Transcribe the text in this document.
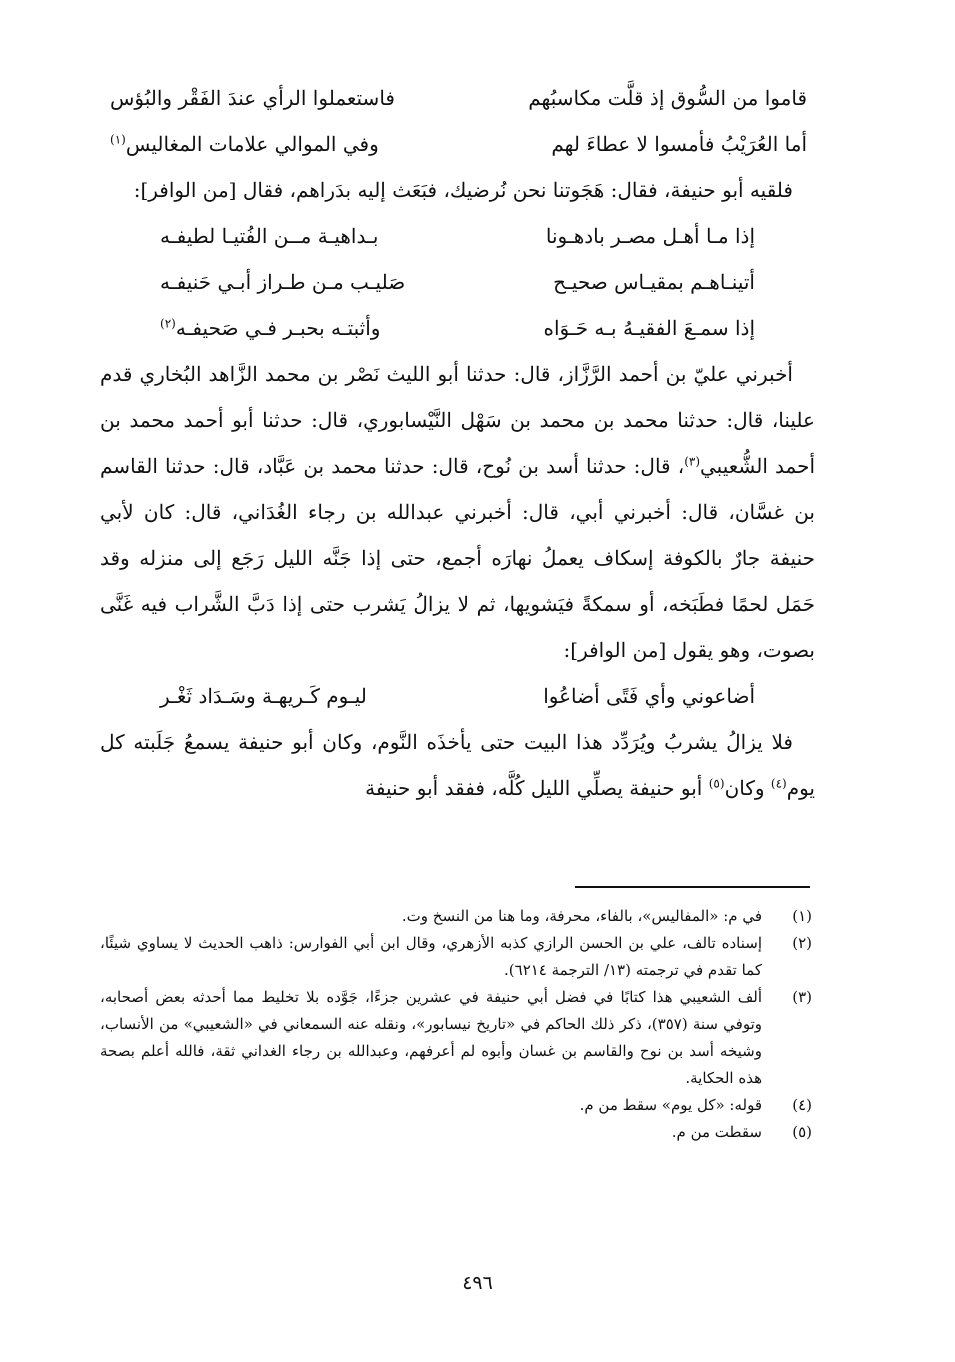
قاموا من السُّوق إذ قلَّت مكاسبُهم
فاستعملوا الرأي عندَ الفَقْر والبُؤس
أما العُرَيْبُ فأمسوا لا عطاءَ لهم
وفي الموالي علامات المغاليس$^{(١)}$

فلقيه أبو حنيفة، فقال: هَجَوتنا نحن نُرضيك، فبَعَث إليه بدَراهم، فقال [من الوافر]:

إذا مـا أهـل مصـر بادهـونا
بـداهيـة مــن الفُتيـا لطيفـه
أتينـاهـم بمقيـاس صحيـح
صَليـب مـن طـراز أبـي حَنيفـه
إذا سمـعَ الفقيـهُ بـه حَـوَاه
وأثبتـه بحبـر فـي صَحيفـه$^{(٢)}$

أخبرني عليّ بن أحمد الرَّزَّاز، قال: حدثنا أبو الليث نَصْر بن محمد الزَّاهد البُخاري قدم علينا، قال: حدثنا محمد بن محمد بن سَهْل النَّيْسابوري، قال: حدثنا أبو أحمد محمد بن أحمد الشُّعيبي$^{(٣)}$، قال: حدثنا أسد بن نُوح، قال: حدثنا محمد بن عَبَّاد، قال: حدثنا القاسم بن غسَّان، قال: أخبرني أبي، قال: أخبرني عبدالله بن رجاء الغُدَاني، قال: كان لأبي حنيفة جارٌ بالكوفة إسكاف يعملُ نهارَه أجمع، حتى إذا جَنَّه الليل رَجَع إلى منزله وقد حَمَل لحمًا فطَبَخه، أو سمكةً فيَشويها، ثم لا يزالُ يَشرب حتى إذا دَبَّ الشَّراب فيه غَنَّى بصوت، وهو يقول [من الوافر]:

أضاعوني وأي فَتًى أضاعُوا
ليـوم كَـريهـة وسَـدَاد ثَغْـر

فلا يزالُ يشربُ ويُرَدِّد هذا البيت حتى يأخذَه النَّوم، وكان أبو حنيفة يسمعُ جَلَبته كل يوم$^{(٤)}$ وكان$^{(٥)}$ أبو حنيفة يصلِّي الليل كُلَّه، ففقد أبو حنيفة

(١)
في م: «المفاليس»، بالفاء، محرفة، وما هنا من النسخ وت.
(٢)
إسناده تالف، علي بن الحسن الرازي كذبه الأزهري، وقال ابن أبي الفوارس: ذاهب الحديث لا يساوي شيئًا، كما تقدم في ترجمته (١٣/ الترجمة ٦٢١٤).
(٣)
ألف الشعيبي هذا كتابًا في فضل أبي حنيفة في عشرين جزءًا، جَوَّده بلا تخليط مما أحدثه بعض أصحابه، وتوفي سنة (٣٥٧)، ذكر ذلك الحاكم في «تاريخ نيسابور»، ونقله عنه السمعاني في «الشعيبي» من الأنساب، وشيخه أسد بن نوح والقاسم بن غسان وأبوه لم أعرفهم، وعبدالله بن رجاء الغداني ثقة، فالله أعلم بصحة هذه الحكاية.
(٤)
قوله: «كل يوم» سقط من م.
(٥)
سقطت من م.
٤٩٦
